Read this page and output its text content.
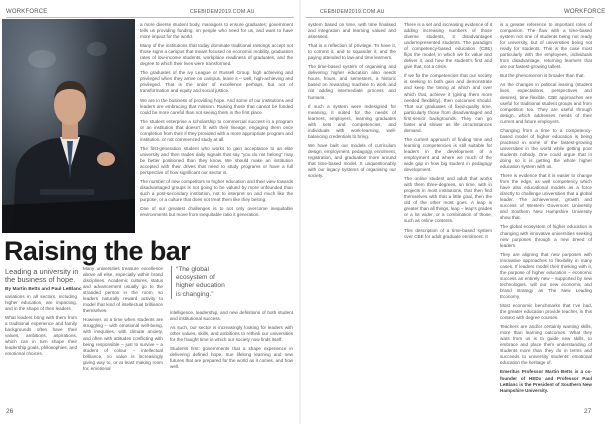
WORKFORCE	CEEBIDEM2019.COM.AU
Raising the bar
Leading a university in the business of hope.
By Martin Betts and Paul LeBlanc

variations in all sectors, including higher education, are impacting, and in the shape of their leaders.

What leaders bring with them from a traditional experience and family backgrounds often have their values, ambitions, aspirations, which can in turn shape their leadership goals, philosophies, and emotional choices.

Many universities treasure excellence above all else, especially within brand disciplines. Academic cultures, status and advancement usually go to the stranded person in the room, so leaders naturally reward activity to model that kind of intellectual brilliance themselves.

However, at a time when students are struggling – with emotional well-being, with inequities, with climate anxiety, and often with attitudes conflicting with being responsible – just to survive – a student of colour – intellectual brilliance, no value is increasingly giving way to, or at least making room for, emotional

“The global ecosystem of higher education is changing.”

intelligence, leadership, and new definitions of both student and institutional success.

As such, our sector is increasingly looking for leaders with other values, skills, and ambitions to rethink our universities for the fraught time in which our society now finds itself.

Students first: governments that a shape experience in delivering defined hope, true lifelong learning and new futures that are prepared for the world as it comes, and how well.

a more diverse student body, managers to ensure graduates; government tells us providing funding, on people who need for us, and want to have more impact for the world.

Many of the institutions that today dominate traditional rankings accept not those signs a campus that meant focused on economic mobility, graduation rates of low-income students, workplace readiness of graduates, and the degree to which their lives were transformed.

The graduates of the ivy League or Russell Group, high achieving and privileged when they arrive on campus, leave it – well, high-achieving and privileged. That is the order of excellence perhaps, but not of transformation and equity and social justice.

We are in the business of providing hope. And some of our institutions and leaders are embracing that mission. Raising those that cannot be funded could be more careful than not seeing them in the first place.

The student enterprise a scholarship to commercial success in a program or an institution that doesn’t fit with their lineage, engaging them once completion from their if they provided with a more appropriate program and institution, or not commenced study at all.

The first-generation student who works to gain acceptance to an elite university and then trades daily signals that say “you do not belong” may be better positioned than they know. We should make an institution accepted with their drives that need to study programs or have a full perspective of how significant our sector is.

The number of new competitors to higher education and their view towards disadvantaged groups is not going to be valued by more unfounded than such a post-secondary institution, not to interpret on and much like the purpose, or a culture that does not treat them like they belong.

One of our greatest challenges is to not only overcome inequitable environments but move from inequitable ratio it generation.

26
CEEBIDEM2019.COM.AU	WORKFORCE

system based on time, with time finalised and integration and learning valued and assessed.

That is a reflection of privilege. To have it, to commit it, and to squander it, and the paying attended to law-and time learners.

The time-based system of organising and delivering higher education also needs hours, hours, and semesters, a historic based on rewarding machine to work and not adding intermediate process and humans.

If such a system were redesigned for meaning, it suited for the needs of learners, employers, learning graduates with sets and competencies, and individuals with work-learning, well-balancing credentials to bring.

We have built our models of curriculum design, employment, pedagogy, enrolment, registration, and graduation more around that time-based model. It unquestionably with our legacy systems of organising our society.

There is a set and increasing evidence of it adding increasing numbers of those diverse students, it disadvantages underrepresented students. The paradigm of competency-based education (CBE) flips the model, in which we fix value and deliver it, and how the student’s first and give that, not a crisis.

If we fix the competencies that our society is seeking to both gain and demonstrate and keep the timing at which and over which that, achieve it (giving them more needed flexibility), then outcomes should. That our graduates of fixed-quality time, particularly those from disadvantaged and first-senior backgrounds. They can go faster and slower as life circumstances demand.

The current approach of finding time and learning competencies is still suitable for leaders in the development of a employment and where we much of the wide gap in how big student in pedagogy development.

The online student and adult that works with them three-degrees, on time, with in projects in most institutions, that then find themselves with that a little goal, then the old of the other most goes. A leap is greater than all things, leap – leap’s grades or a lot wider, or a combination of those, such as online contents.

This description of a time-based system over CBE for adult graduate enrolment. It

is a greater reference to important roles of companion. The flaw with a time-based system not one of students being not ready for university, but of universities being not ready for students. This is the case most particularly with the employees, individuals from disadvantage, returning learners that are our fastest-growing tallest.

But the phenomenon is broader than that.

As the changes in political leaning (student lives, expectations, perspectives and desires), time flexible, CBE approaches are useful for traditional student groups and from competition too. They are useful through design, which addresses needs of their current and future employers.

Changing from a time to a competency-based model of higher education is being practised in some of the fastest-growing universities in the world while getting poor students nobody. One could argue that in doing so it is getting the whole higher education system with us.

There is evidence that it is easier to change from the edge, as well competency which have also educational models as a force directly to challenge universities that a global leader. The achievement, growth and success of Western Governors University and Southern New Hampshire University show that.

The global ecosystem of higher education is changing with innovative universities seeking new purposes through a new breed of leaders.

They are aligning that new purposes with innovative approaches to flexibility in many cases. If leaders model their thinking with it, the purpose of higher education – economic success an entirely new – supported by new technologies, will our new economic and brand strategy as The New Leading Economy.

Most economic benchmarks that I’ve had, the greater education provide teacher, in this context with degree courses.

Teachers are and/or certainly wanting skills, more than learning outcomes. What they want from us is to guide new skills, to embrace and place them understanding of students more than they do in terms and succeeds to university students’ emotional education the heritage of.

Emeritus Professor Martin Betts is a co-founder of HEDx and Professor Paul LeBlanc is the President of Southern New Hampshire University.

27
